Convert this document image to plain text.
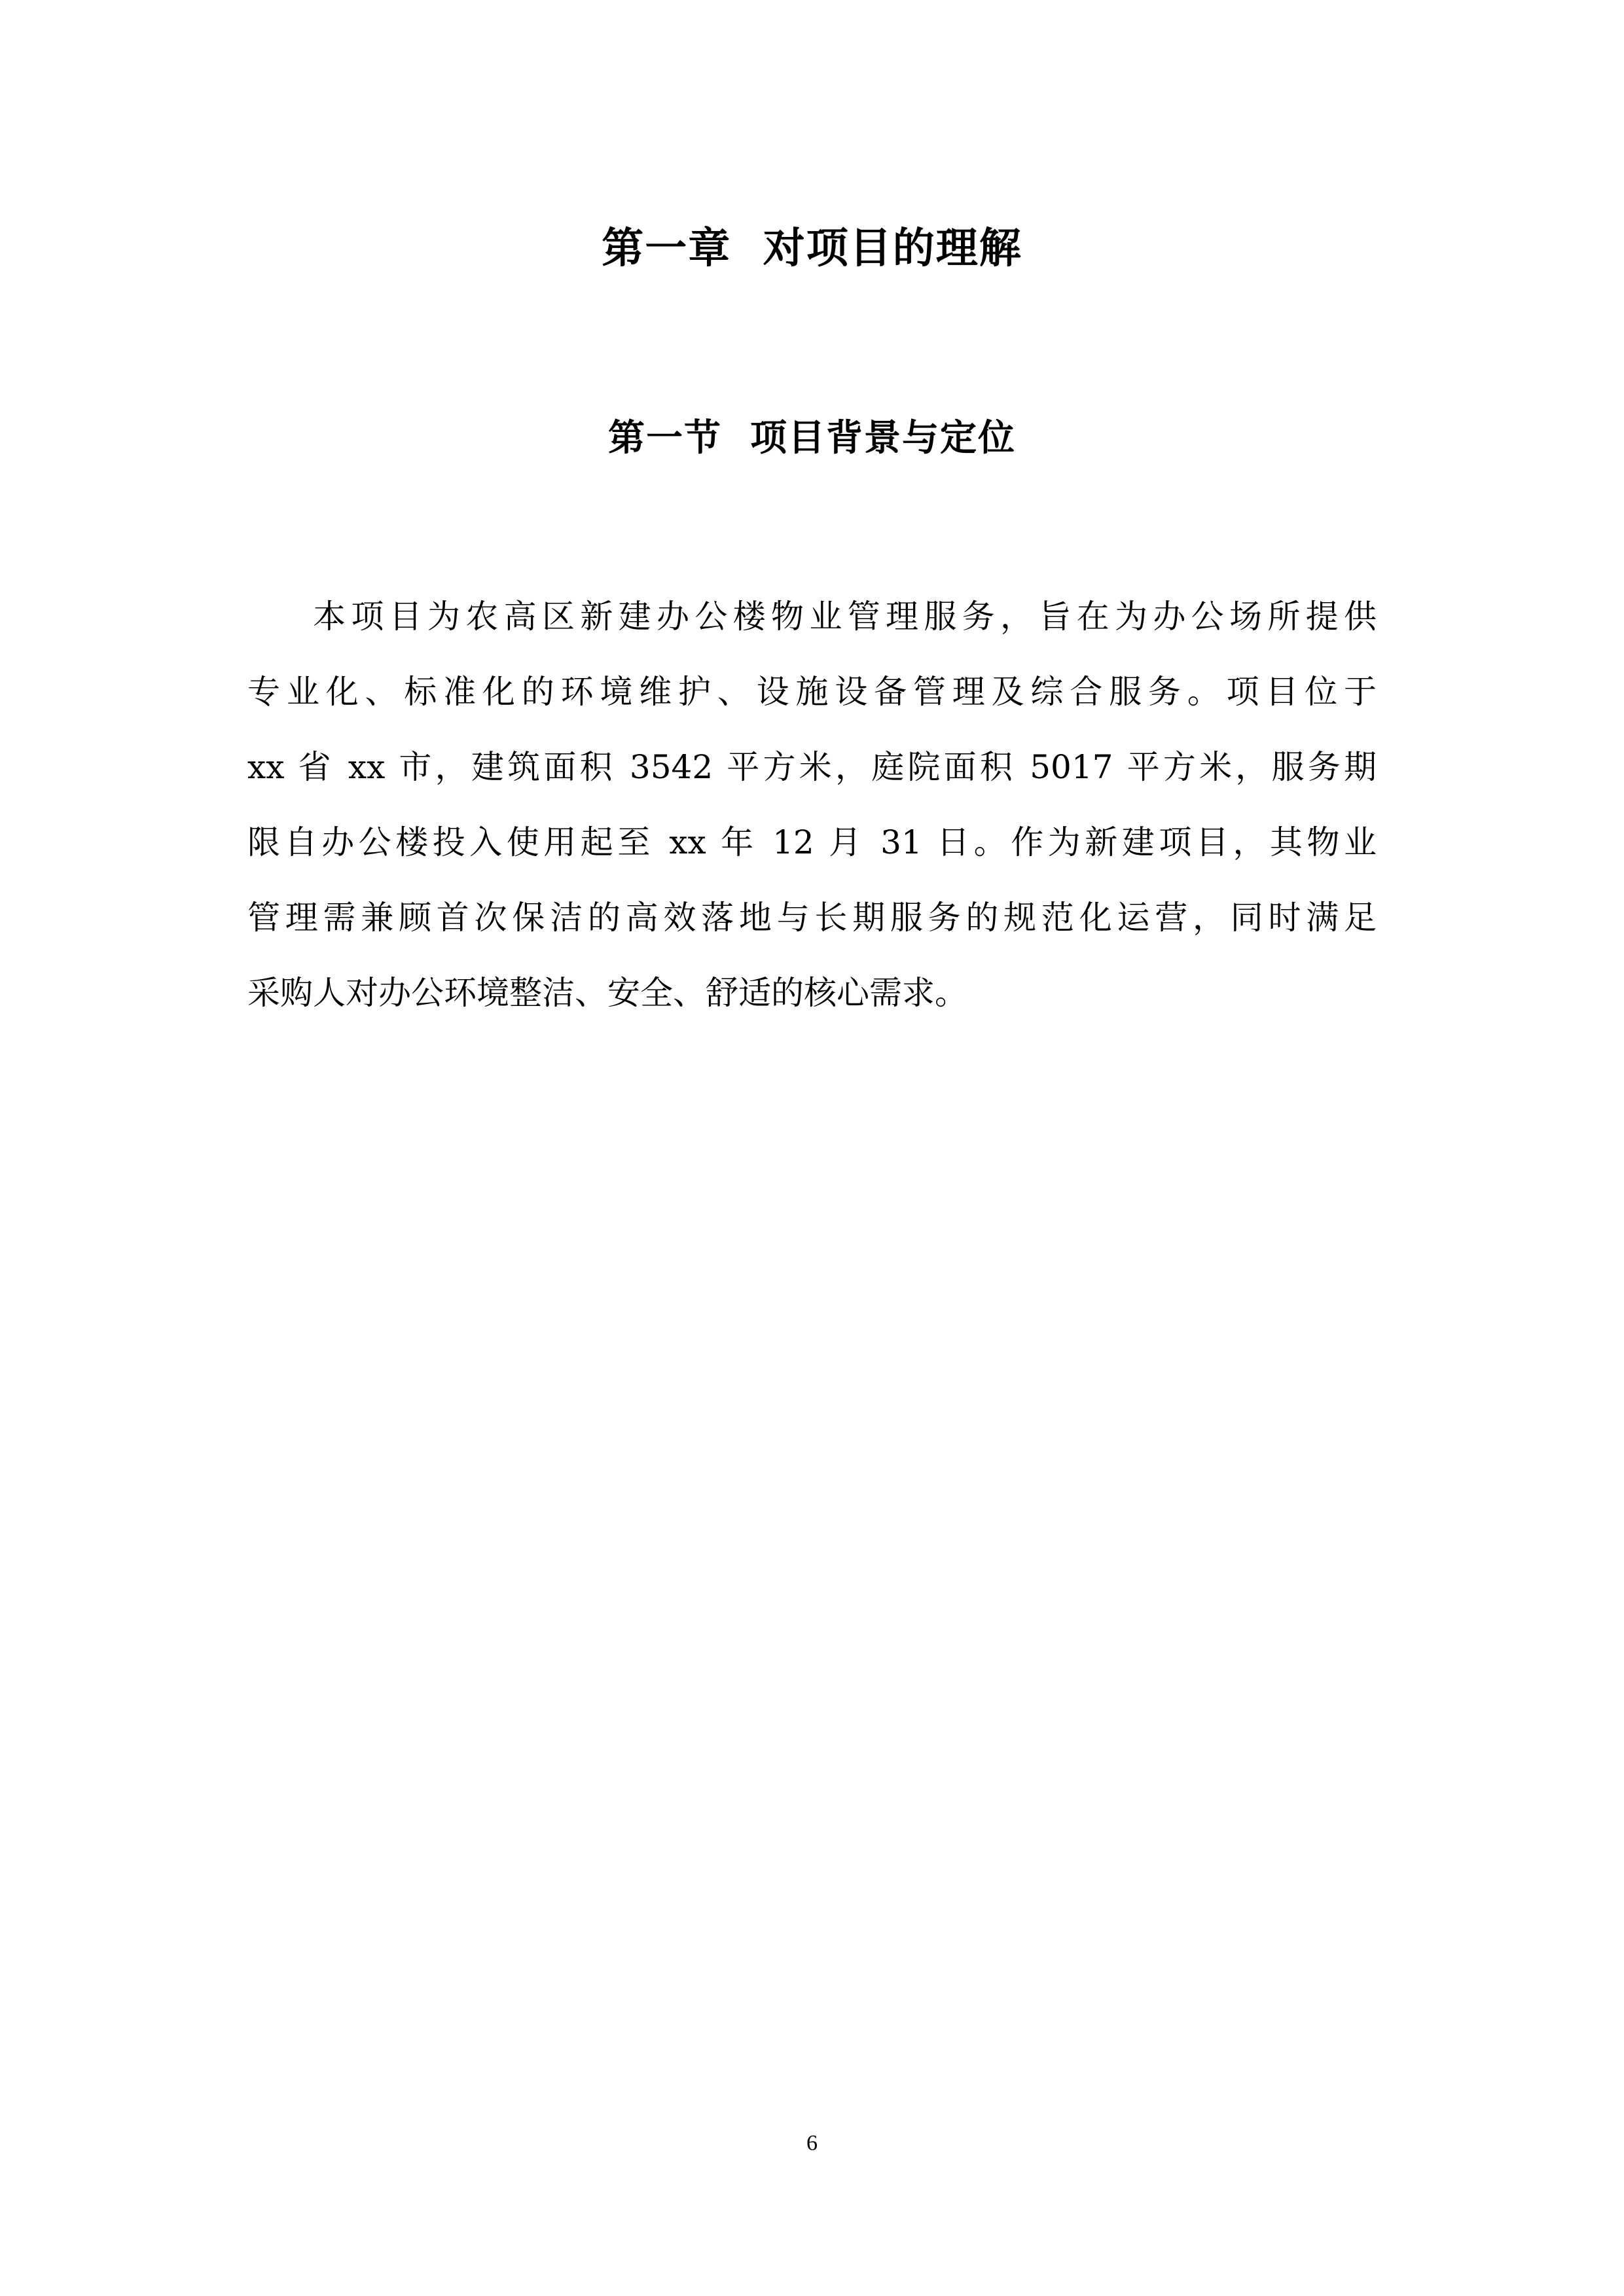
第一章  对项目的理解
第一节  项目背景与定位
本项目为农高区新建办公楼物业管理服务，旨在为办公场所提供
专业化、标准化的环境维护、设施设备管理及综合服务。项目位于
xx 省 xx 市，建筑面积 3542 平方米，庭院面积 5017 平方米，服务期
限自办公楼投入使用起至 xx 年 12 月 31 日。作为新建项目，其物业
管理需兼顾首次保洁的高效落地与长期服务的规范化运营，同时满足
采购人对办公环境整洁、安全、舒适的核心需求。
6
